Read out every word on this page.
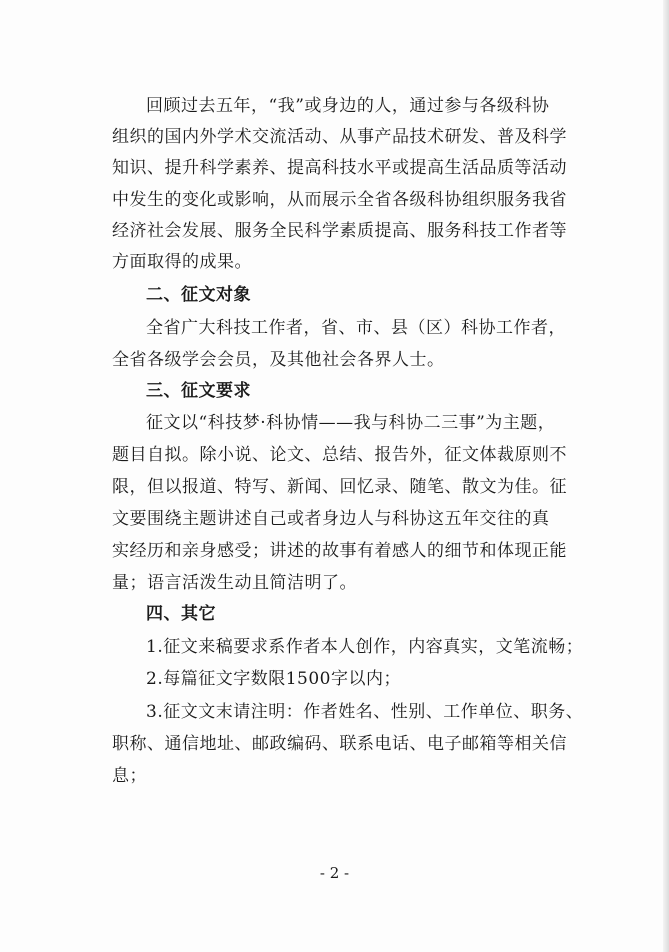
回顾过去五年，“我”或身边的人，通过参与各级科协
组织的国内外学术交流活动、从事产品技术研发、普及科学
知识、提升科学素养、提高科技水平或提高生活品质等活动
中发生的变化或影响，从而展示全省各级科协组织服务我省
经济社会发展、服务全民科学素质提高、服务科技工作者等
方面取得的成果。
二、征文对象
全省广大科技工作者，省、市、县（区）科协工作者，
全省各级学会会员，及其他社会各界人士。
三、征文要求
征文以“科技梦·科协情——我与科协二三事”为主题，
题目自拟。除小说、论文、总结、报告外，征文体裁原则不
限，但以报道、特写、新闻、回忆录、随笔、散文为佳。征
文要围绕主题讲述自己或者身边人与科协这五年交往的真
实经历和亲身感受；讲述的故事有着感人的细节和体现正能
量；语言活泼生动且简洁明了。
四、其它
1.征文来稿要求系作者本人创作，内容真实，文笔流畅；
2.每篇征文字数限1500字以内；
3.征文文末请注明：作者姓名、性别、工作单位、职务、
职称、通信地址、邮政编码、联系电话、电子邮箱等相关信
息；
- 2 -
